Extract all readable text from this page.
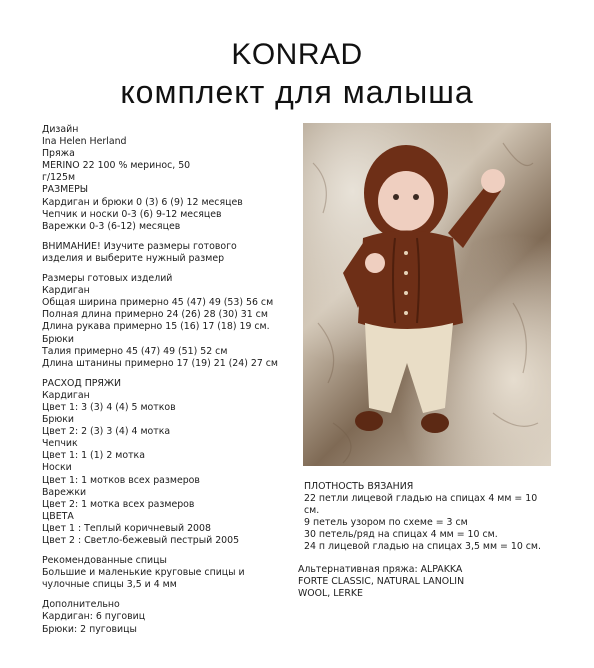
KONRAD
комплект для малыша
Дизайн
Ina Helen Herland
Пряжа
MERINO 22 100 % меринос, 50
г/125м
РАЗМЕРЫ
Кардиган и брюки 0 (3) 6 (9) 12 месяцев
Чепчик и носки 0-3 (6) 9-12 месяцев
Варежки 0-3 (6-12) месяцев
ВНИМАНИЕ! Изучите размеры готового
изделия и выберите нужный размер
Размеры готовых изделий
Кардиган
Общая ширина примерно 45 (47) 49 (53) 56 см
Полная длина примерно 24 (26) 28 (30) 31 см
Длина рукава примерно 15 (16) 17 (18) 19 см.
Брюки
Талия примерно 45 (47) 49 (51) 52 см
Длина штанины примерно 17 (19) 21 (24) 27 см
РАСХОД ПРЯЖИ
Кардиган
Цвет 1: 3 (3) 4 (4) 5 мотков
Брюки
Цвет 2: 2 (3) 3 (4) 4 мотка
Чепчик
Цвет 1: 1 (1) 2 мотка
Носки
Цвет 1: 1 мотков всех размеров
Варежки
Цвет 2: 1 мотка всех размеров
ЦВЕТА
Цвет 1 : Теплый коричневый 2008
Цвет 2 : Светло-бежевый пестрый 2005
Рекомендованные спицы
Большие и маленькие круговые спицы и
чулочные спицы 3,5 и 4 мм
Дополнительно
Кардиган: 6 пуговиц
Брюки: 2 пуговицы
ПЛОТНОСТЬ ВЯЗАНИЯ
22 петли лицевой гладью на спицах 4 мм = 10
см.
9 петель узором по схеме = 3 см
30 петель/ряд на спицах 4 мм = 10 см.
24 п лицевой гладью на спицах 3,5 мм = 10 см.
Альтернативная пряжа: ALPAKKA
FORTE CLASSIC, NATURAL LANOLIN
WOOL, LERKE
